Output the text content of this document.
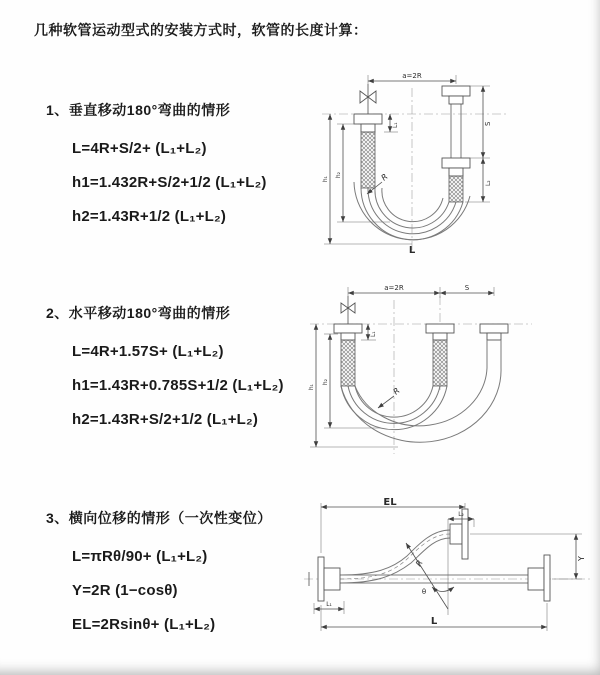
几种软管运动型式的安装方式时，软管的长度计算：
1、垂直移动180°弯曲的情形
L=4R+S/2+ (L₁+L₂)
h1=1.432R+S/2+1/2 (L₁+L₂)
h2=1.43R+1/2 (L₁+L₂)
2、水平移动180°弯曲的情形
L=4R+1.57S+ (L₁+L₂)
h1=1.43R+0.785S+1/2 (L₁+L₂)
h2=1.43R+S/2+1/2 (L₁+L₂)
3、横向位移的情形（一次性变位）
L=πRθ/90+ (L₁+L₂)
Y=2R (1−cosθ)
EL=2Rsinθ+ (L₁+L₂)
a=2R
S
L₂
L₁
h₁
h₂	R
L
a=2R	S
h₁
h₂
L₁
R
EL
L₂
Y
L
L₁
R
θ
